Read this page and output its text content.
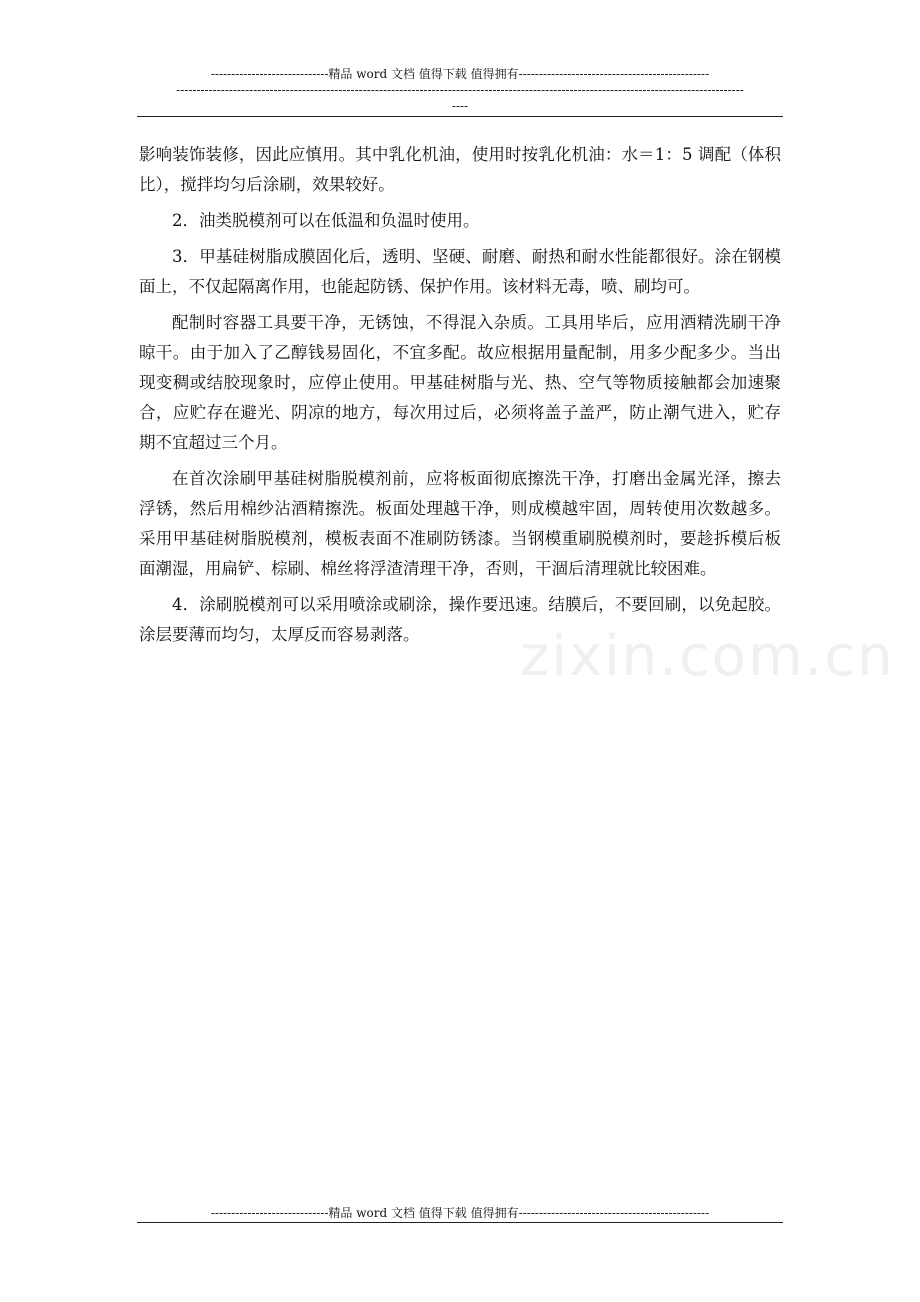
-----------------------------精品 word 文档 值得下载 值得拥有-----------------------------------------------
--------------------------------------------------------------------------------------------------------------------------------------------
----
zixin.com.cn

影响装饰装修，因此应慎用。其中乳化机油，使用时按乳化机油：水＝1：5 调配（体积比），搅拌均匀后涂刷，效果较好。

2．油类脱模剂可以在低温和负温时使用。

3．甲基硅树脂成膜固化后，透明、坚硬、耐磨、耐热和耐水性能都很好。涂在钢模面上，不仅起隔离作用，也能起防锈、保护作用。该材料无毒，喷、刷均可。

配制时容器工具要干净，无锈蚀，不得混入杂质。工具用毕后，应用酒精洗刷干净晾干。由于加入了乙醇钱易固化，不宜多配。故应根据用量配制，用多少配多少。当出现变稠或结胶现象时，应停止使用。甲基硅树脂与光、热、空气等物质接触都会加速聚合，应贮存在避光、阴凉的地方，每次用过后，必须将盖子盖严，防止潮气进入，贮存期不宜超过三个月。

在首次涂刷甲基硅树脂脱模剂前，应将板面彻底擦洗干净，打磨出金属光泽，擦去浮锈，然后用棉纱沾酒精擦洗。板面处理越干净，则成模越牢固，周转使用次数越多。采用甲基硅树脂脱模剂，模板表面不准刷防锈漆。当钢模重刷脱模剂时，要趁拆模后板面潮湿，用扁铲、棕刷、棉丝将浮渣清理干净，否则，干涸后清理就比较困难。

4．涂刷脱模剂可以采用喷涂或刷涂，操作要迅速。结膜后，不要回刷，以免起胶。涂层要薄而均匀，太厚反而容易剥落。

-----------------------------精品 word 文档 值得下载 值得拥有-----------------------------------------------
